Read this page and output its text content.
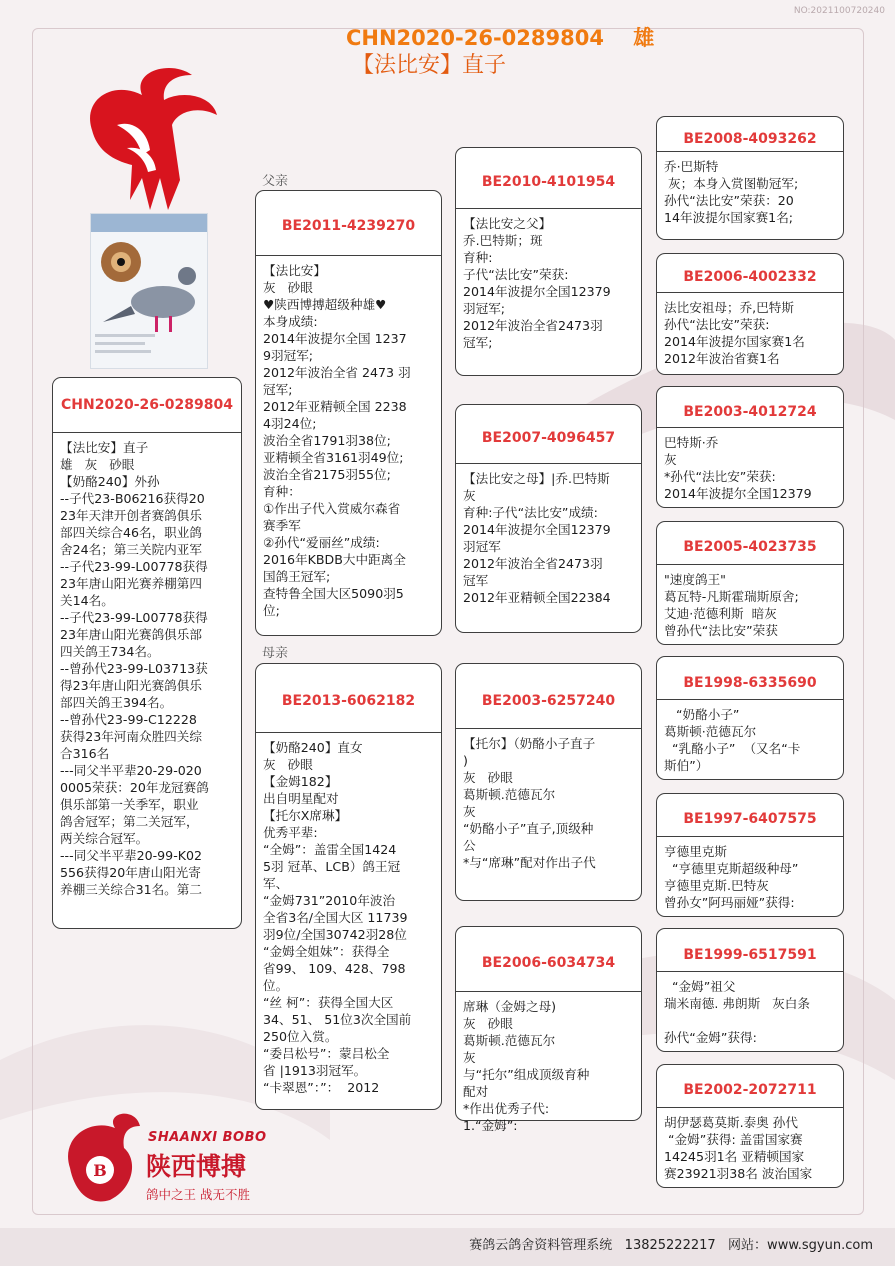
NO:2021100720240
CHN2020-26-0289804    雄
【法比安】直子
父亲
母亲
CHN2020-26-0289804
【法比安】直子
雄   灰   砂眼
【奶酪240】外孙
--子代23-B06216获得20
23年天津开创者赛鸽俱乐
部四关综合46名，职业鸽
舍24名；第三关院内亚军
--子代23-99-L00778获得
23年唐山阳光赛养棚第四
关14名。
--子代23-99-L00778获得
23年唐山阳光赛鸽俱乐部
四关鸽王734名。
--曾孙代23-99-L03713获
得23年唐山阳光赛鸽俱乐
部四关鸽王394名。
--曾孙代23-99-C12228
获得23年河南众胜四关综
合316名
---同父半平辈20-29-020
0005荣获：20年龙冠赛鸽
俱乐部第一关季军，职业
鸽舍冠军；第二关冠军，
两关综合冠军。
---同父半平辈20-99-K02
556获得20年唐山阳光寄
养棚三关综合31名。第二
BE2011-4239270
【法比安】
灰   砂眼
♥陕西博搏超级种雄♥
本身成绩:
2014年波提尔全国 1237
9羽冠军;
2012年波治全省 2473 羽
冠军;
2012年亚精顿全国 2238
4羽24位;
波治全省1791羽38位;
亚精顿全省3161羽49位;
波治全省2175羽55位;
育种：
①作出子代入赏威尔森省
赛季军
②孙代“爱丽丝”成绩:
2016年KBDB大中距离全
国鸽王冠军;
查特鲁全国大区5090羽5
位;
BE2013-6062182
【奶酪240】直女
灰   砂眼
【金姆182】
出自明星配对
【托尔X席琳】
优秀平辈:
“全姆”：盖雷全国1424
5羽 冠革、LCB）鸽王冠
军、
“金姆731”2010年波治
全省3名/全国大区 11739
羽9位/全国30742羽28位
“金姆全姐妹”：获得全
省99、 109、428、798
位。
“丝 柯”：获得全国大区
34、51、 51位3次全国前
250位入赏。
“委吕松号”：蒙吕松全
省 |1913羽冠军。
“卡翠恩”：”：  2012
BE2010-4101954
【法比安之父】
乔.巴特斯；斑
育种:
子代“法比安”荣获:
2014年波提尔全国12379
羽冠军;
2012年波治全省2473羽
冠军;
BE2007-4096457
【法比安之母】|乔.巴特斯
灰
育种:子代“法比安”成绩:
2014年波提尔全国12379
羽冠军
2012年波治全省2473羽
冠军
2012年亚精顿全国22384
BE2003-6257240
【托尔】（奶酪小子直子
)
灰   砂眼
葛斯顿.范德瓦尔
灰
“奶酪小子”直子,顶级种
公
*与“席琳”配对作出子代
BE2006-6034734
席琳（金姆之母)
灰   砂眼
葛斯顿.范德瓦尔
灰
与“托尔”组成顶级育种
配对
*作出优秀子代:
1.“金姆”:
BE2008-4093262
乔·巴斯特
灰；本身入赏图勒冠军;
孙代“法比安”荣获：20
14年波提尔国家赛1名;
BE2006-4002332
法比安祖母；乔,巴特斯
孙代“法比安”荣获:
2014年波提尔国家赛1名
2012年波治省赛1名
BE2003-4012724
巴特斯·乔
灰
*孙代“法比安”荣获:
2014年波提尔全国12379
BE2005-4023735
"速度鸽王"
葛瓦特-凡斯霍瑞斯原舍;
艾迪·范德利斯  暗灰
曾孙代“法比安”荣获
BE1998-6335690
“奶酪小子”
葛斯顿·范德瓦尔
“乳酪小子”  （又名“卡
斯伯”）
BE1997-6407575
亨德里克斯
“亨德里克斯超级种母”
亨德里克斯.巴特灰
曾孙女”阿玛丽娅”获得:
BE1999-6517591
“金姆”祖父
瑞米南德. 弗朗斯   灰白条

孙代“金姆”获得:
BE2002-2072711
胡伊瑟葛莫斯.泰奥 孙代
“金姆”获得: 盖雷国家赛
14245羽1名 亚精顿国家
赛23921羽38名 波治国家
B
SHAANXI BOBO
陕西博搏
鸽中之王 战无不胜
赛鸽云鸽舍资料管理系统   13825222217   网站：www.sgyun.com
